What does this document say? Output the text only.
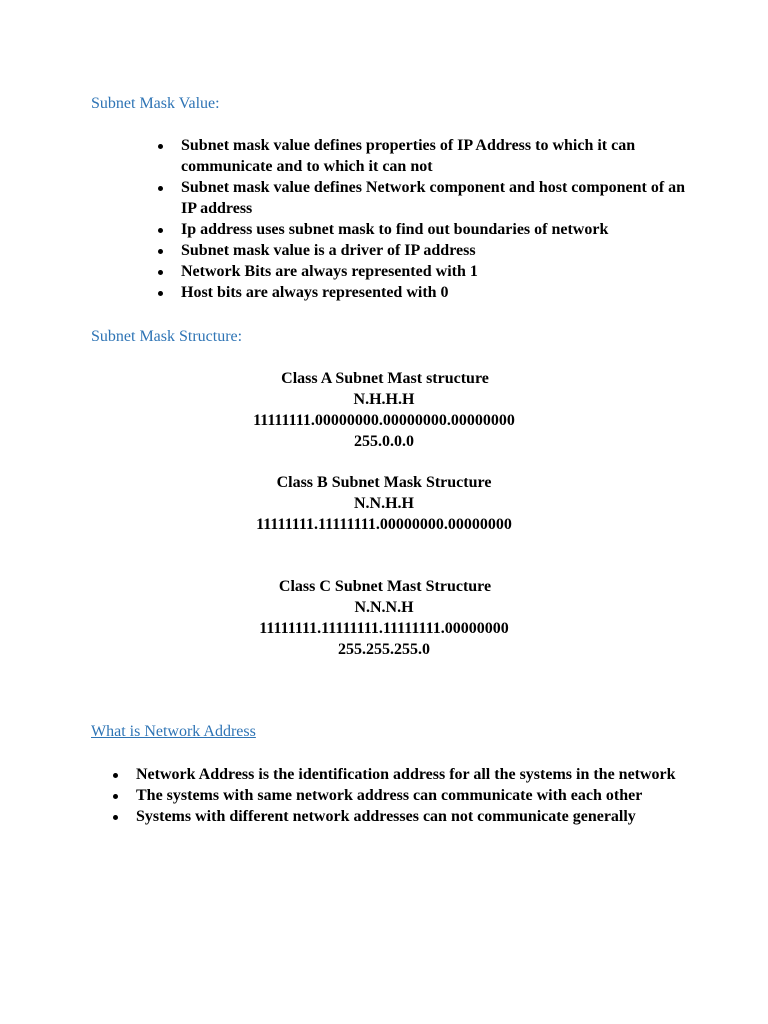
Subnet Mask Value:
Subnet mask value defines properties of IP Address to which it can communicate and to which it can not
Subnet mask value defines Network component and host component of an IP address
Ip address uses subnet mask to find out boundaries of network
Subnet mask value is a driver of IP address
Network Bits are always represented with 1
Host bits are always represented with 0
Subnet Mask Structure:
Class A Subnet Mast structure
N.H.H.H
11111111.00000000.00000000.00000000
255.0.0.0
Class B Subnet Mask Structure
N.N.H.H
11111111.11111111.00000000.00000000
Class C Subnet Mast Structure
N.N.N.H
11111111.11111111.11111111.00000000
255.255.255.0
What is Network Address
Network Address is the identification address for all the systems in the network
The systems with same network address can communicate with each other
Systems with different network addresses can not communicate generally
